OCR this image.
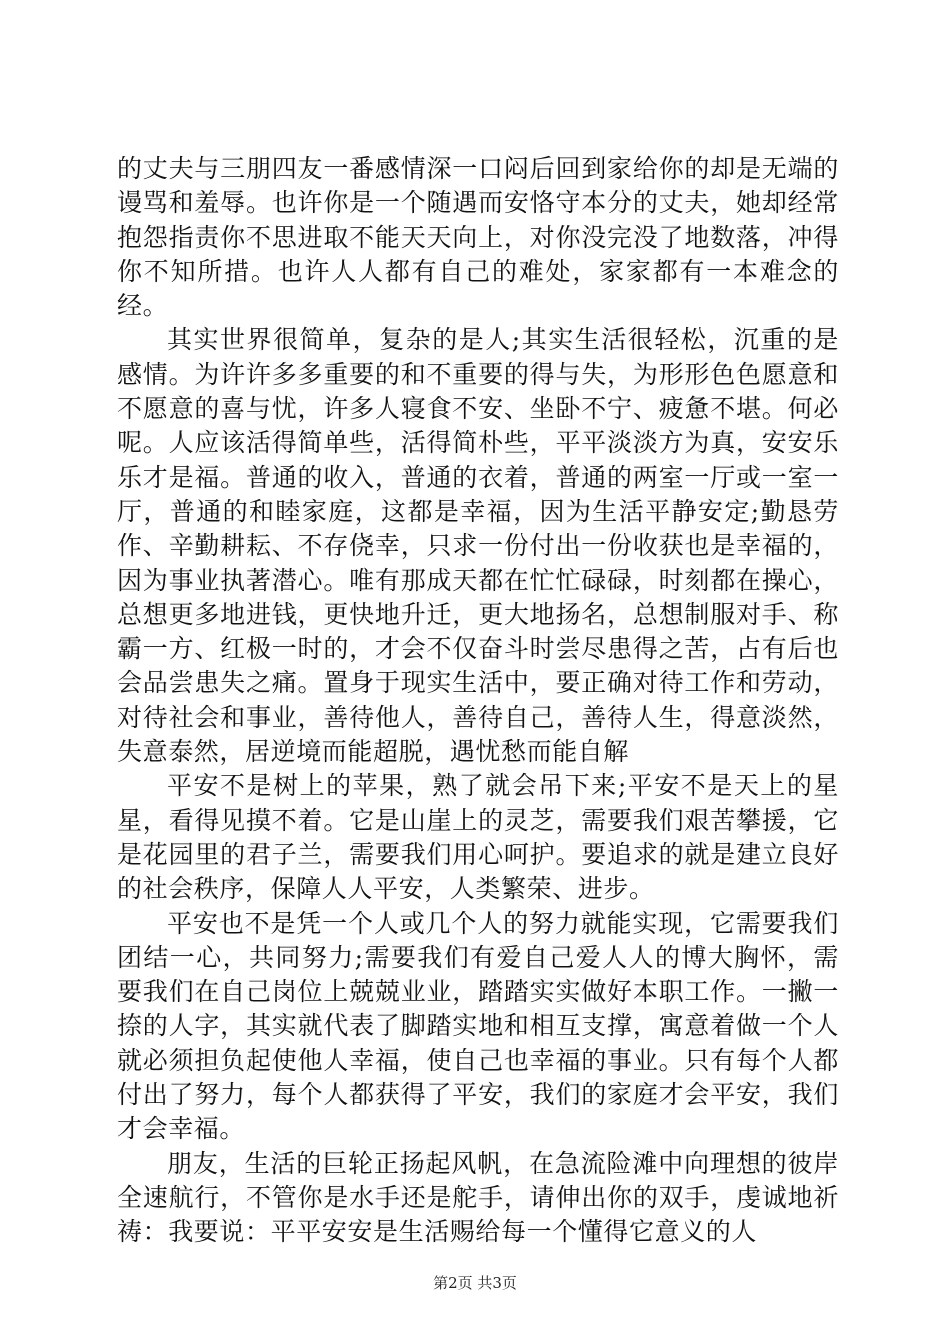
的丈夫与三朋四友一番感情深一口闷后回到家给你的却是无端的谩骂和羞辱。也许你是一个随遇而安恪守本分的丈夫，她却经常抱怨指责你不思进取不能天天向上，对你没完没了地数落，冲得你不知所措。也许人人都有自己的难处，家家都有一本难念的经。

其实世界很简单，复杂的是人;其实生活很轻松，沉重的是感情。为许许多多重要的和不重要的得与失，为形形色色愿意和不愿意的喜与忧，许多人寝食不安、坐卧不宁、疲惫不堪。何必呢。人应该活得简单些，活得简朴些，平平淡淡方为真，安安乐乐才是福。普通的收入，普通的衣着，普通的两室一厅或一室一厅，普通的和睦家庭，这都是幸福，因为生活平静安定;勤恳劳作、辛勤耕耘、不存侥幸，只求一份付出一份收获也是幸福的，因为事业执著潜心。唯有那成天都在忙忙碌碌，时刻都在操心，总想更多地进钱，更快地升迁，更大地扬名，总想制服对手、称霸一方、红极一时的，才会不仅奋斗时尝尽患得之苦，占有后也会品尝患失之痛。置身于现实生活中，要正确对待工作和劳动，对待社会和事业，善待他人，善待自己，善待人生，得意淡然，失意泰然，居逆境而能超脱，遇忧愁而能自解

平安不是树上的苹果，熟了就会吊下来;平安不是天上的星星，看得见摸不着。它是山崖上的灵芝，需要我们艰苦攀援，它是花园里的君子兰，需要我们用心呵护。要追求的就是建立良好的社会秩序，保障人人平安，人类繁荣、进步。

平安也不是凭一个人或几个人的努力就能实现，它需要我们团结一心，共同努力;需要我们有爱自己爱人人的博大胸怀，需要我们在自己岗位上兢兢业业，踏踏实实做好本职工作。一撇一捺的人字，其实就代表了脚踏实地和相互支撑，寓意着做一个人就必须担负起使他人幸福，使自己也幸福的事业。只有每个人都付出了努力，每个人都获得了平安，我们的家庭才会平安，我们才会幸福。

朋友，生活的巨轮正扬起风帆，在急流险滩中向理想的彼岸全速航行，不管你是水手还是舵手，请伸出你的双手，虔诚地祈祷：我要说：平平安安是生活赐给每一个懂得它意义的人

第2页 共3页
